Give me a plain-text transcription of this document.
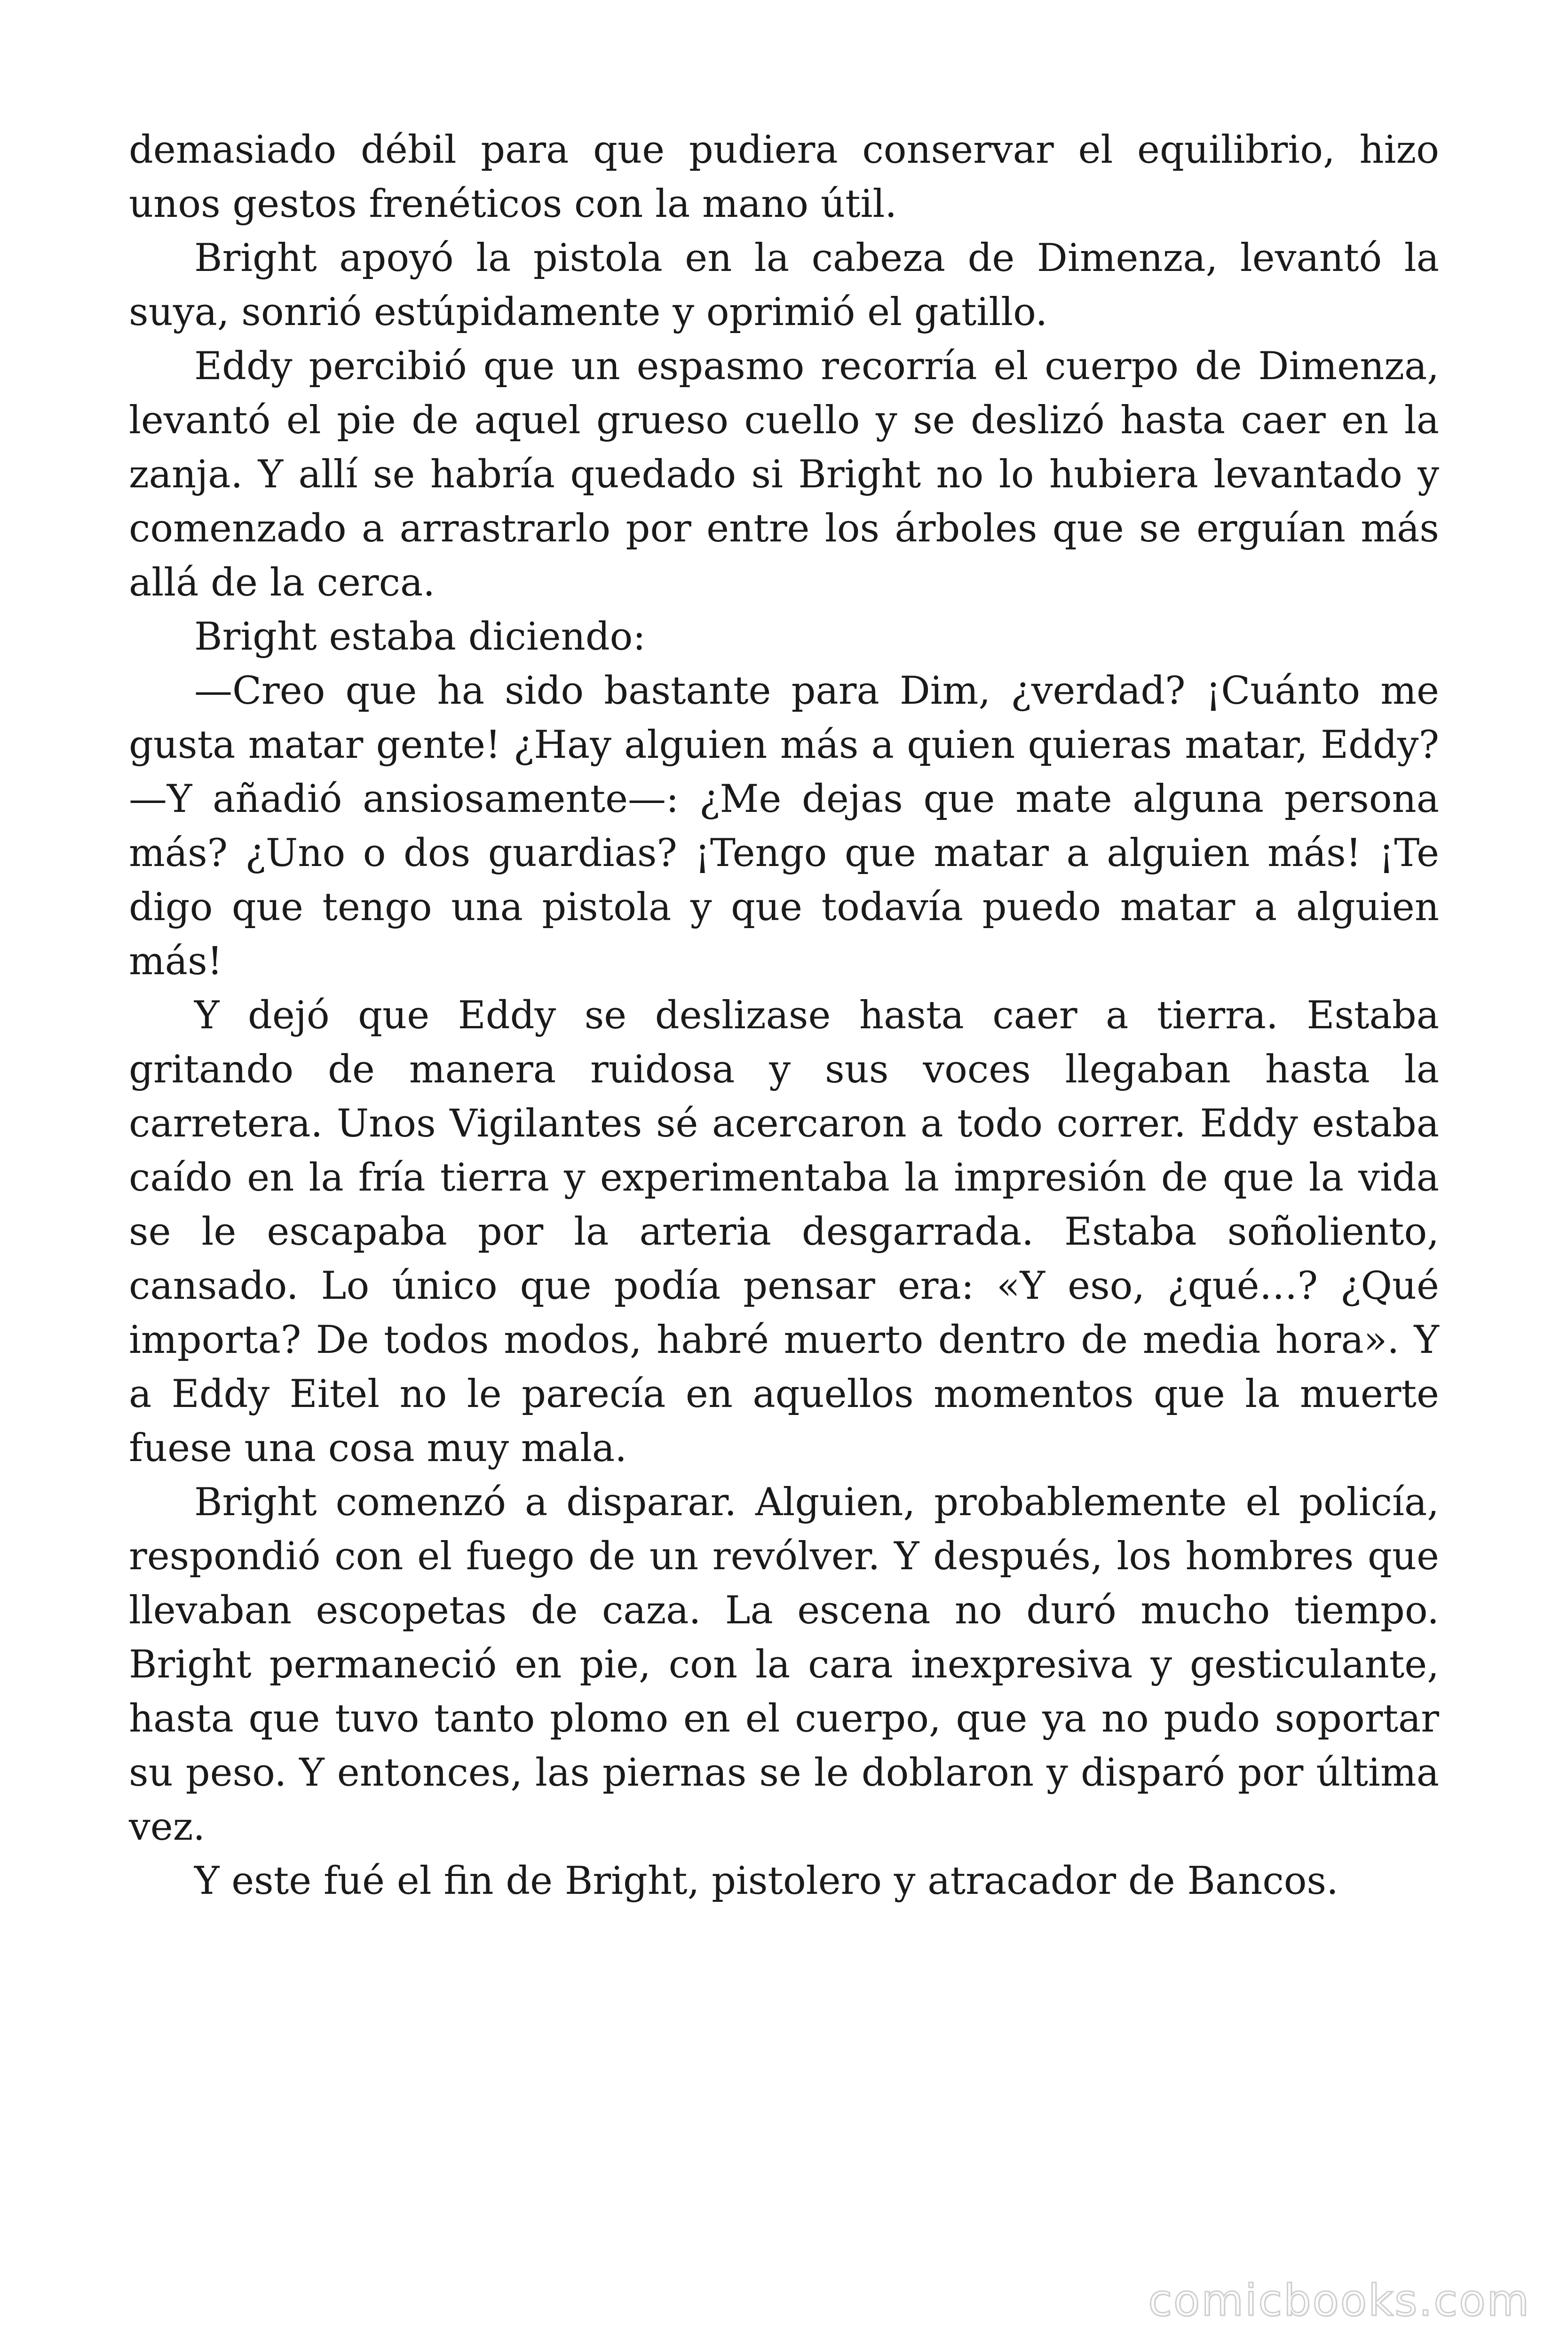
demasiado débil para que pudiera conservar el equilibrio, hizo unos gestos frenéticos con la mano útil.

Bright apoyó la pistola en la cabeza de Dimenza, levantó la suya, sonrió estúpidamente y oprimió el gatillo.

Eddy percibió que un espasmo recorría el cuerpo de Dimenza, levantó el pie de aquel grueso cuello y se deslizó hasta caer en la zanja. Y allí se habría quedado si Bright no lo hubiera levantado y comenzado a arrastrarlo por entre los árboles que se erguían más allá de la cerca.

Bright estaba diciendo:

—Creo que ha sido bastante para Dim, ¿verdad? ¡Cuánto me gusta matar gente! ¿Hay alguien más a quien quieras matar, Eddy? —Y añadió ansiosamente—: ¿Me dejas que mate alguna persona más? ¿Uno o dos guardias? ¡Tengo que matar a alguien más! ¡Te digo que tengo una pistola y que todavía puedo matar a alguien más!

Y dejó que Eddy se deslizase hasta caer a tierra. Estaba gritando de manera ruidosa y sus voces llegaban hasta la carretera. Unos Vigilantes sé acercaron a todo correr. Eddy estaba caído en la fría tierra y experimentaba la impresión de que la vida se le escapaba por la arteria desgarrada. Estaba soñoliento, cansado. Lo único que podía pensar era: «Y eso, ¿qué…? ¿Qué importa? De todos modos, habré muerto dentro de media hora». Y a Eddy Eitel no le parecía en aquellos momentos que la muerte fuese una cosa muy mala.

Bright comenzó a disparar. Alguien, probablemente el policía, respondió con el fuego de un revólver. Y después, los hombres que llevaban escopetas de caza. La escena no duró mucho tiempo. Bright permaneció en pie, con la cara inexpresiva y gesticulante, hasta que tuvo tanto plomo en el cuerpo, que ya no pudo soportar su peso. Y entonces, las piernas se le doblaron y disparó por última vez.

Y este fué el fin de Bright, pistolero y atracador de Bancos.

comicbooks.com
